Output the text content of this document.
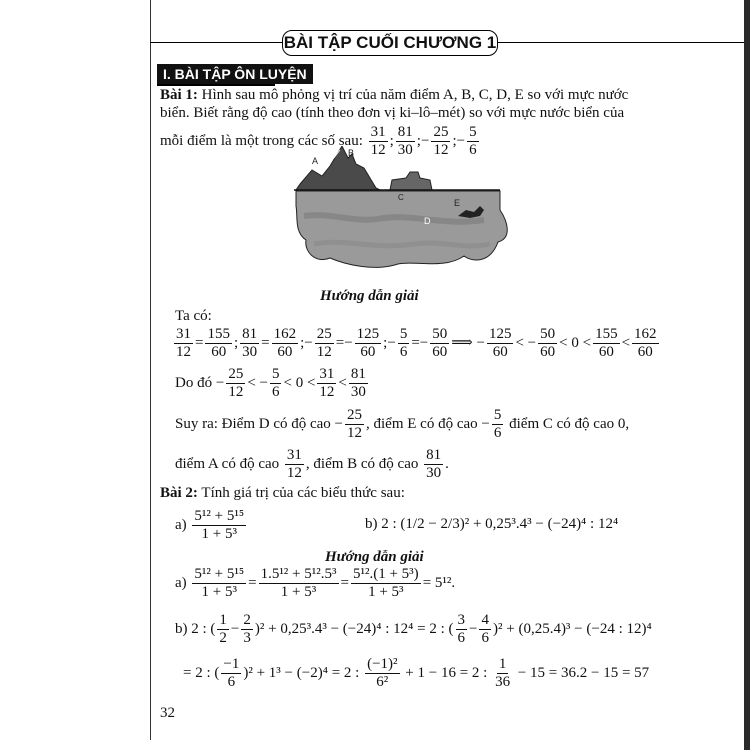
BÀI TẬP CUỐI CHƯƠNG 1
I. BÀI TẬP ÔN LUYỆN
Bài 1: Hình sau mô phỏng vị trí của năm điểm A, B, C, D, E so với mực nước
biển. Biết rằng độ cao (tính theo đơn vị ki–lô–mét) so với mực nước biển của
mỗi điểm là một trong các số sau: $\frac{31}{12}$ ; $\frac{81}{30}$ ;− $\frac{25}{12}$ ;− $\frac{5}{6}$
A
B
C
D
E
Hướng dẫn giải
Ta có:
$\frac{31}{12} = \frac{155}{60}$ ; $\frac{81}{30} = \frac{162}{60}$ ;− $\frac{25}{12} =- \frac{125}{60}$ ;− $\frac{5}{6} =- \frac{50}{60}$ ⟹ − $\frac{125}{60}$ < − $\frac{50}{60} < 0 < \frac{155}{60} < \frac{162}{60}$
Do đó − $\frac{25}{12}$ < − $\frac{5}{6} < 0 < \frac{31}{12} < \frac{81}{30}$
Suy ra: Điểm D có độ cao − $\frac{25}{12}$ , điểm E có độ cao − $\frac{5}{6}$ điểm C có độ cao 0,
điểm A có độ cao $\frac{31}{12}$ , điểm B có độ cao $\frac{81}{30}$ .
Bài 2: Tính giá trị của các biểu thức sau:
$a) \frac{\text{5¹² + 5¹⁵}}{\text{1 + 5³}}$	b) 2 : (1/2 − 2/3)² + 0,25³.4³ − (−24)⁴ : 12⁴
Hướng dẫn giải
$a) \frac{\text{5¹² + 5¹⁵}}{\text{1 + 5³}} = \frac{\text{1.5¹² + 5¹².5³}}{\text{1 + 5³}} = \frac{\text{5¹².(1 + 5³)}}{\text{1 + 5³}} = 5^{12}$.
b) 2 : ( $\frac{1}{2} - \frac{2}{3} )^2 + 0,25^3.4^3 - (-24)^4$ : 12⁴ = 2 : ( $\frac{3}{6} - \frac{4}{6} )^2 + (0,25.4)^3 - (-24$ : 12)⁴
= 2 : ( $\frac{-1}{6} )^2 + 1^3 - (-2)^4 = 2$ : $\frac{\text{(−1)²}}{\text{6²}} + 1 - 16 = 2$ : $\frac{1}{36} - 15 = 36.2 - 15 = 57$
32
